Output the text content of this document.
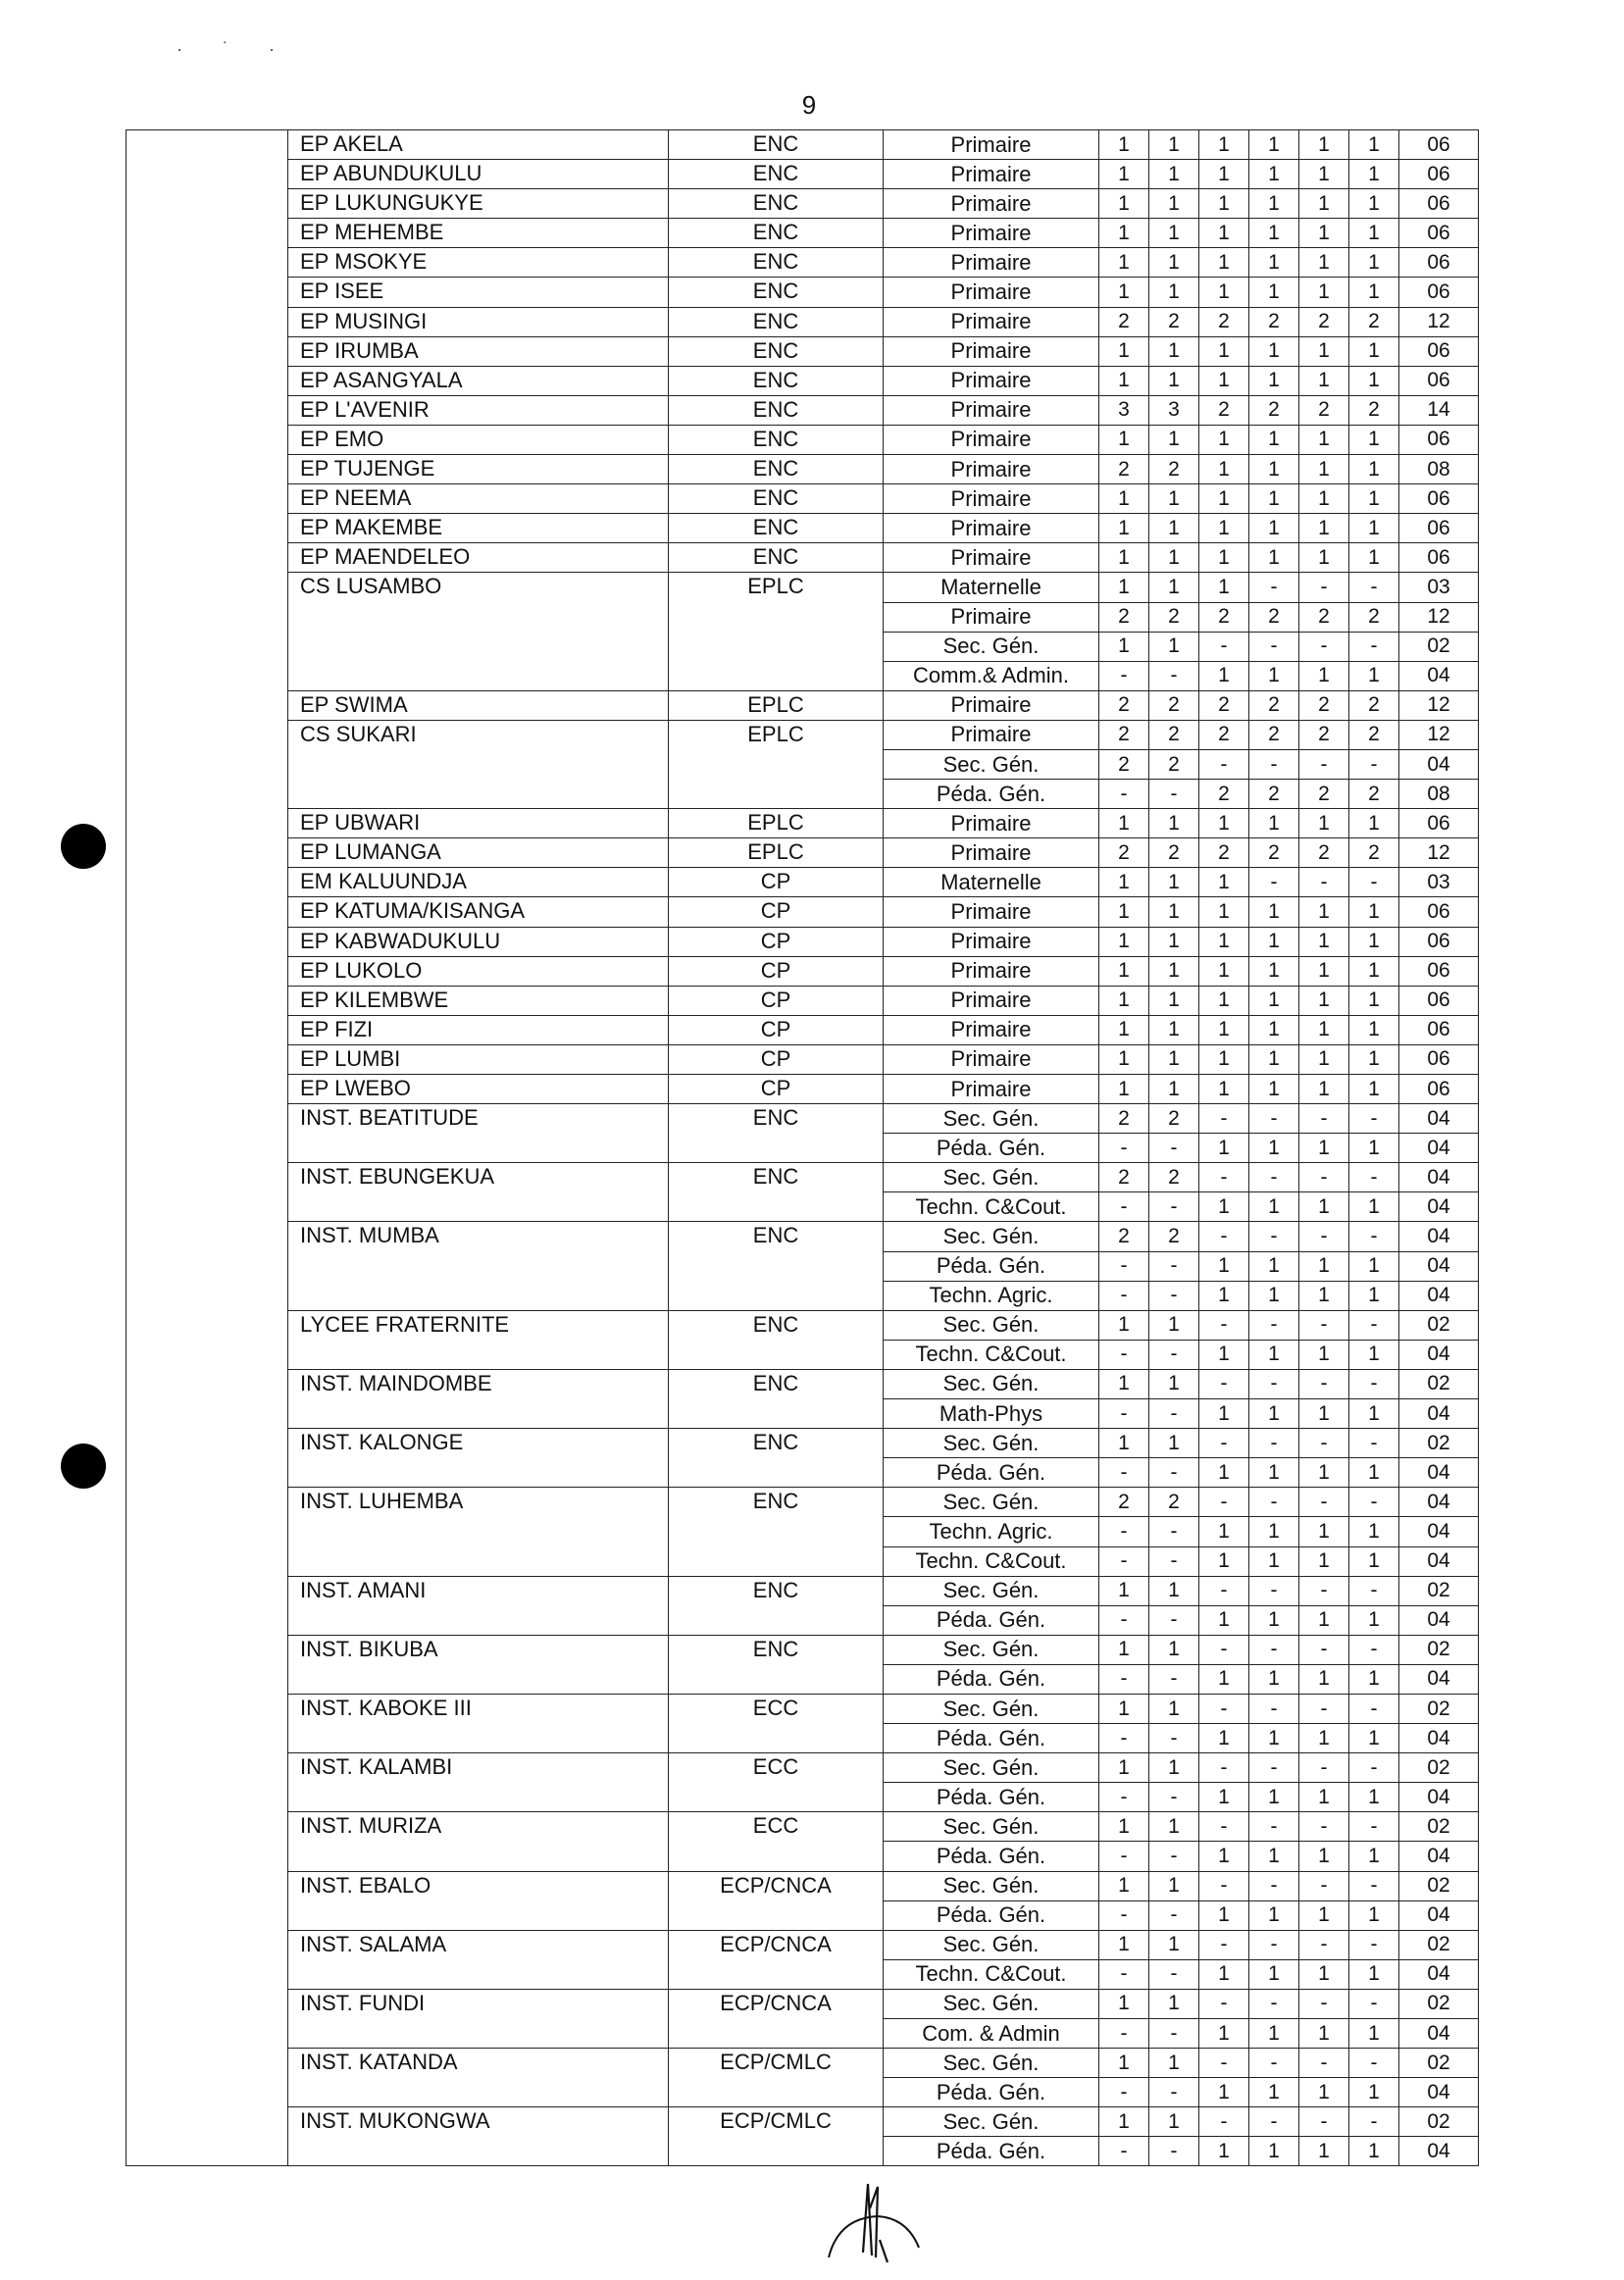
· ˙ ·
9
	EP AKELA	ENC	Primaire	1	1	1	1	1	1	06
	EP ABUNDUKULU	ENC	Primaire	1	1	1	1	1	1	06
	EP LUKUNGUKYE	ENC	Primaire	1	1	1	1	1	1	06
	EP MEHEMBE	ENC	Primaire	1	1	1	1	1	1	06
	EP MSOKYE	ENC	Primaire	1	1	1	1	1	1	06
	EP ISEE	ENC	Primaire	1	1	1	1	1	1	06
	EP MUSINGI	ENC	Primaire	2	2	2	2	2	2	12
	EP IRUMBA	ENC	Primaire	1	1	1	1	1	1	06
	EP ASANGYALA	ENC	Primaire	1	1	1	1	1	1	06
	EP L'AVENIR	ENC	Primaire	3	3	2	2	2	2	14
	EP EMO	ENC	Primaire	1	1	1	1	1	1	06
	EP TUJENGE	ENC	Primaire	2	2	1	1	1	1	08
	EP NEEMA	ENC	Primaire	1	1	1	1	1	1	06
	EP MAKEMBE	ENC	Primaire	1	1	1	1	1	1	06
	EP MAENDELEO	ENC	Primaire	1	1	1	1	1	1	06
	CS LUSAMBO	EPLC	Maternelle	1	1	1	-	-	-	03
			Primaire	2	2	2	2	2	2	12
			Sec. Gén.	1	1	-	-	-	-	02
			Comm.& Admin.	-	-	1	1	1	1	04
	EP SWIMA	EPLC	Primaire	2	2	2	2	2	2	12
	CS SUKARI	EPLC	Primaire	2	2	2	2	2	2	12
			Sec. Gén.	2	2	-	-	-	-	04
			Péda. Gén.	-	-	2	2	2	2	08
	EP UBWARI	EPLC	Primaire	1	1	1	1	1	1	06
	EP LUMANGA	EPLC	Primaire	2	2	2	2	2	2	12
	EM KALUUNDJA	CP	Maternelle	1	1	1	-	-	-	03
	EP KATUMA/KISANGA	CP	Primaire	1	1	1	1	1	1	06
	EP KABWADUKULU	CP	Primaire	1	1	1	1	1	1	06
	EP LUKOLO	CP	Primaire	1	1	1	1	1	1	06
	EP KILEMBWE	CP	Primaire	1	1	1	1	1	1	06
	EP FIZI	CP	Primaire	1	1	1	1	1	1	06
	EP LUMBI	CP	Primaire	1	1	1	1	1	1	06
	EP LWEBO	CP	Primaire	1	1	1	1	1	1	06
	INST. BEATITUDE	ENC	Sec. Gén.	2	2	-	-	-	-	04
			Péda. Gén.	-	-	1	1	1	1	04
	INST. EBUNGEKUA	ENC	Sec. Gén.	2	2	-	-	-	-	04
			Techn. C&Cout.	-	-	1	1	1	1	04
	INST. MUMBA	ENC	Sec. Gén.	2	2	-	-	-	-	04
			Péda. Gén.	-	-	1	1	1	1	04
			Techn. Agric.	-	-	1	1	1	1	04
	LYCEE FRATERNITE	ENC	Sec. Gén.	1	1	-	-	-	-	02
			Techn. C&Cout.	-	-	1	1	1	1	04
	INST. MAINDOMBE	ENC	Sec. Gén.	1	1	-	-	-	-	02
			Math-Phys	-	-	1	1	1	1	04
	INST. KALONGE	ENC	Sec. Gén.	1	1	-	-	-	-	02
			Péda. Gén.	-	-	1	1	1	1	04
	INST. LUHEMBA	ENC	Sec. Gén.	2	2	-	-	-	-	04
			Techn. Agric.	-	-	1	1	1	1	04
			Techn. C&Cout.	-	-	1	1	1	1	04
	INST. AMANI	ENC	Sec. Gén.	1	1	-	-	-	-	02
			Péda. Gén.	-	-	1	1	1	1	04
	INST. BIKUBA	ENC	Sec. Gén.	1	1	-	-	-	-	02
			Péda. Gén.	-	-	1	1	1	1	04
	INST. KABOKE III	ECC	Sec. Gén.	1	1	-	-	-	-	02
			Péda. Gén.	-	-	1	1	1	1	04
	INST. KALAMBI	ECC	Sec. Gén.	1	1	-	-	-	-	02
			Péda. Gén.	-	-	1	1	1	1	04
	INST. MURIZA	ECC	Sec. Gén.	1	1	-	-	-	-	02
			Péda. Gén.	-	-	1	1	1	1	04
	INST. EBALO	ECP/CNCA	Sec. Gén.	1	1	-	-	-	-	02
			Péda. Gén.	-	-	1	1	1	1	04
	INST. SALAMA	ECP/CNCA	Sec. Gén.	1	1	-	-	-	-	02
			Techn. C&Cout.	-	-	1	1	1	1	04
	INST. FUNDI	ECP/CNCA	Sec. Gén.	1	1	-	-	-	-	02
			Com. & Admin	-	-	1	1	1	1	04
	INST. KATANDA	ECP/CMLC	Sec. Gén.	1	1	-	-	-	-	02
			Péda. Gén.	-	-	1	1	1	1	04
	INST. MUKONGWA	ECP/CMLC	Sec. Gén.	1	1	-	-	-	-	02
			Péda. Gén.	-	-	1	1	1	1	04
